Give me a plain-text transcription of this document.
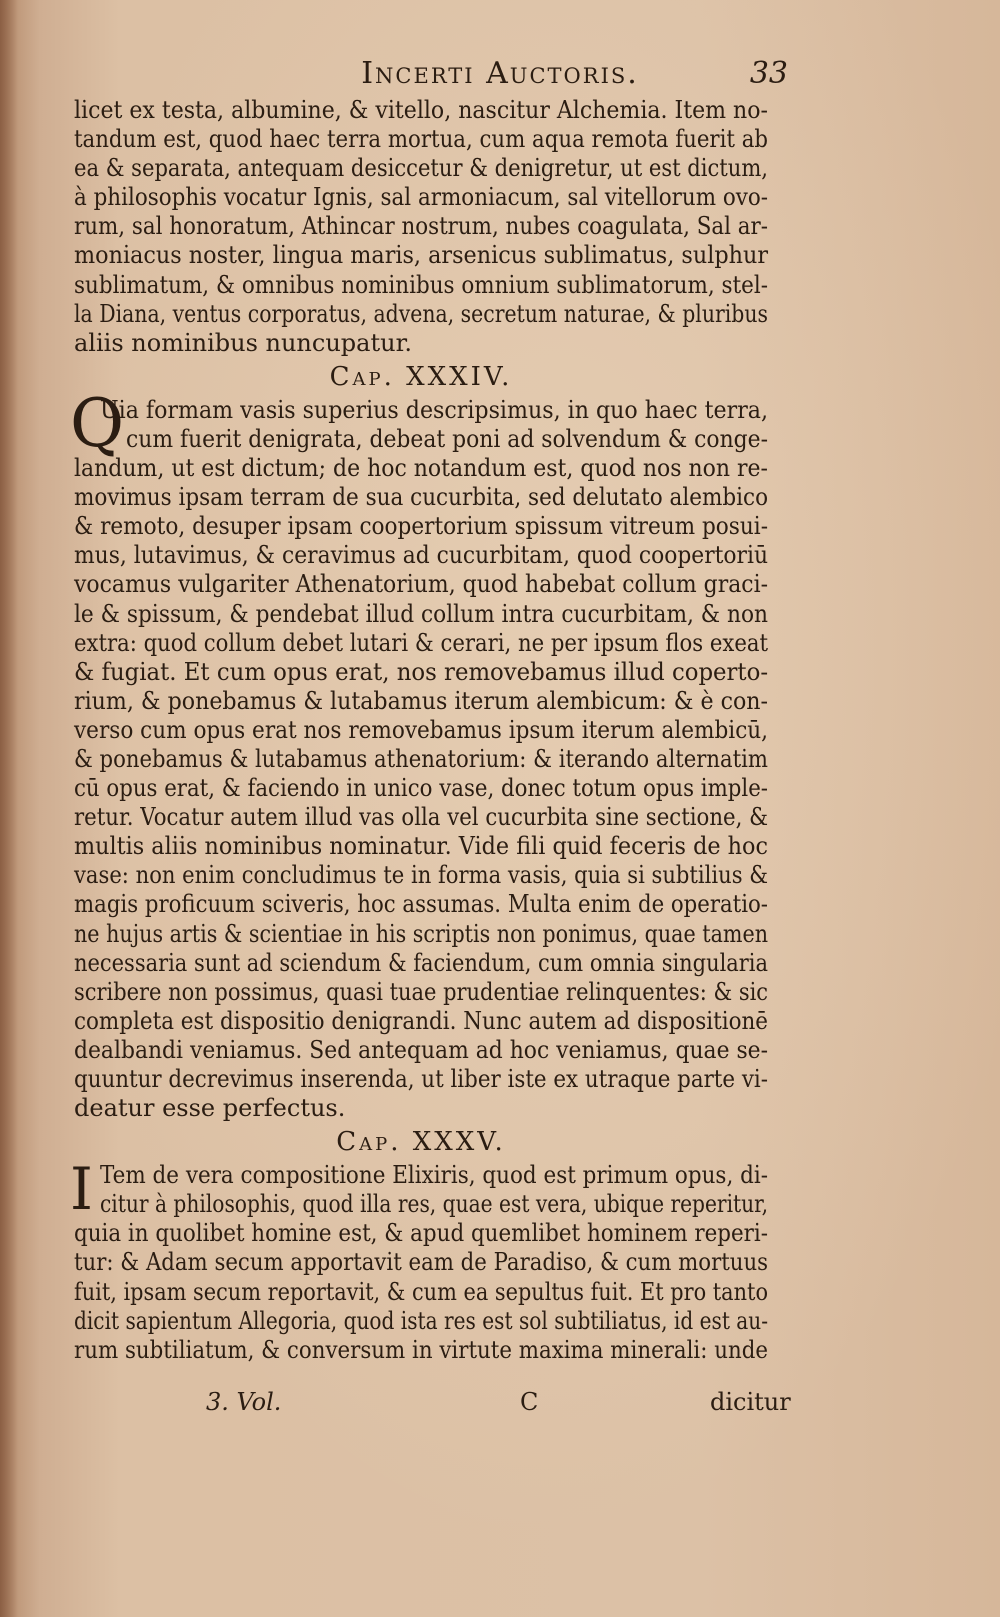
Incerti Auctoris.	33
licet ex testa, albumine, & vitello, nascitur Alchemia. Item no-
tandum est, quod haec terra mortua, cum aqua remota fuerit ab
ea & separata, antequam desiccetur & denigretur, ut est dictum,
à philosophis vocatur Ignis, sal armoniacum, sal vitellorum ovo-
rum, sal honoratum, Athincar nostrum, nubes coagulata, Sal ar-
moniacus noster, lingua maris, arsenicus sublimatus, sulphur
sublimatum, & omnibus nominibus omnium sublimatorum, stel-
la Diana, ventus corporatus, advena, secretum naturae, & pluribus
aliis nominibus nuncupatur.
Cap. XXXIV.
Q
Uia formam vasis superius descripsimus, in quo haec terra,
cum fuerit denigrata, debeat poni ad solvendum & conge-
landum, ut est dictum; de hoc notandum est, quod nos non re-
movimus ipsam terram de sua cucurbita, sed delutato alembico
& remoto, desuper ipsam coopertorium spissum vitreum posui-
mus, lutavimus, & ceravimus ad cucurbitam, quod coopertoriū
vocamus vulgariter Athenatorium, quod habebat collum graci-
le & spissum, & pendebat illud collum intra cucurbitam, & non
extra: quod collum debet lutari & cerari, ne per ipsum flos exeat
& fugiat. Et cum opus erat, nos removebamus illud coperto-
rium, & ponebamus & lutabamus iterum alembicum: & è con-
verso cum opus erat nos removebamus ipsum iterum alembicū,
& ponebamus & lutabamus athenatorium: & iterando alternatim
cū opus erat, & faciendo in unico vase, donec totum opus imple-
retur. Vocatur autem illud vas olla vel cucurbita sine sectione, &
multis aliis nominibus nominatur. Vide fili quid feceris de hoc
vase: non enim concludimus te in forma vasis, quia si subtilius &
magis proficuum sciveris, hoc assumas. Multa enim de operatio-
ne hujus artis & scientiae in his scriptis non ponimus, quae tamen
necessaria sunt ad sciendum & faciendum, cum omnia singularia
scribere non possimus, quasi tuae prudentiae relinquentes: & sic
completa est dispositio denigrandi. Nunc autem ad dispositionē
dealbandi veniamus. Sed antequam ad hoc veniamus, quae se-
quuntur decrevimus inserenda, ut liber iste ex utraque parte vi-
deatur esse perfectus.
Cap. XXXV.
I Tem de vera compositione Elixiris, quod est primum opus, di-
citur à philosophis, quod illa res, quae est vera, ubique reperitur,
quia in quolibet homine est, & apud quemlibet hominem reperi-
tur: & Adam secum apportavit eam de Paradiso, & cum mortuus
fuit, ipsam secum reportavit, & cum ea sepultus fuit. Et pro tanto
dicit sapientum Allegoria, quod ista res est sol subtiliatus, id est au-
rum subtiliatum, & conversum in virtute maxima minerali: unde
3. Vol.	C	dicitur
